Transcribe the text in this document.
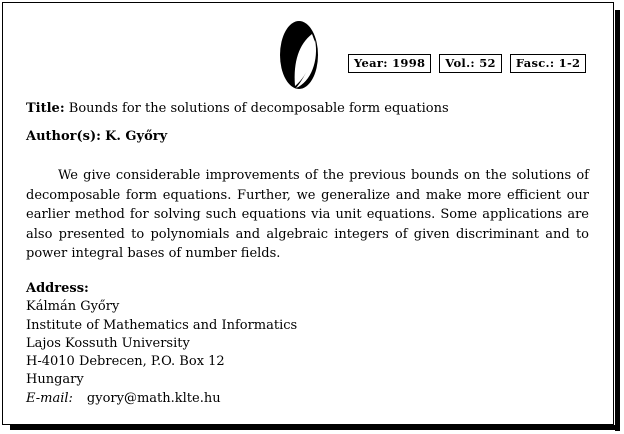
Year: 1998	Vol.: 52	Fasc.: 1-2
Title: Bounds for the solutions of decomposable form equations
Author(s): K. Győry

We give considerable improvements of the previous bounds on the solutions of decomposable form equations. Further, we generalize and make more efficient our earlier method for solving such equations via unit equations. Some applications are also presented to polynomials and algebraic integers of given discriminant and to power integral bases of number fields.

Address:
Kálmán Győry
Institute of Mathematics and Informatics
Lajos Kossuth University
H-4010 Debrecen, P.O. Box 12
Hungary
E-mail: gyory@math.klte.hu
